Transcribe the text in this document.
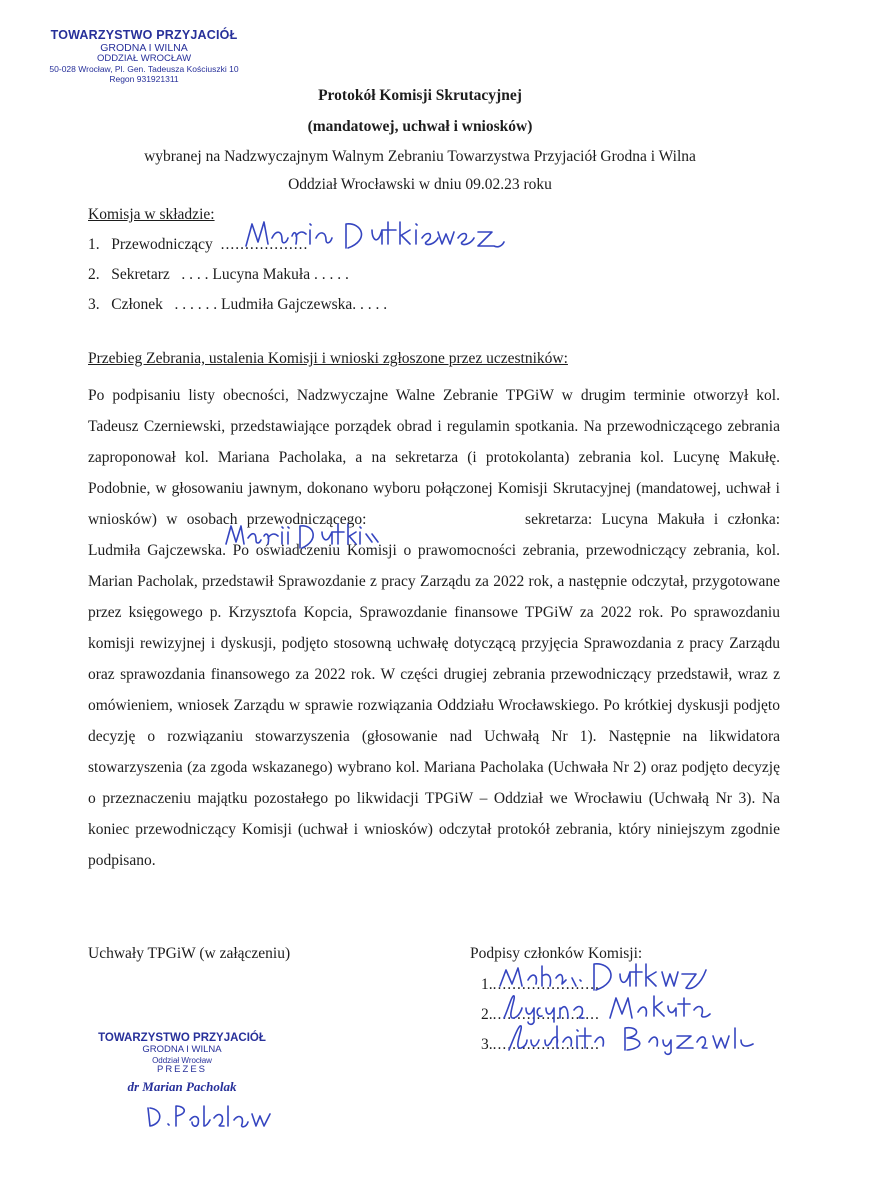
TOWARZYSTWO PRZYJACIÓŁ
GRODNA I WILNA
ODDZIAŁ WROCŁAW
50-028 Wrocław, Pl. Gen. Tadeusza Kościuszki 10
Regon 931921311
Protokół Komisji Skrutacyjnej
(mandatowej, uchwał i wniosków)
wybranej na Nadzwyczajnym Walnym Zebraniu Towarzystwa Przyjaciół Grodna i Wilna
Oddział Wrocławski w dniu 09.02.23 roku
Komisja w składzie:
1. Przewodniczący ..................
2. Sekretarz . . . . Lucyna Makuła . . . . .
3. Członek . . . . . . Ludmiła Gajczewska. . . . .
Przebieg Zebrania, ustalenia Komisji i wnioski zgłoszone przez uczestników:

Po podpisaniu listy obecności, Nadzwyczajne Walne Zebranie TPGiW w drugim terminie otworzył kol. Tadeusz Czerniewski, przedstawiające porządek obrad i regulamin spotkania. Na przewodniczącego zebrania zaproponował kol. Mariana Pacholaka, a na sekretarza (i protokolanta) zebrania kol. Lucynę Makułę. Podobnie, w głosowaniu jawnym, dokonano wyboru połączonej Komisji Skrutacyjnej (mandatowej, uchwał i wniosków) w osobach przewodniczącego:	sekretarza: Lucyna Makuła i członka: Ludmiła Gajczewska. Po oświadczeniu Komisji o prawomocności zebrania, przewodniczący zebrania, kol. Marian Pacholak, przedstawił Sprawozdanie z pracy Zarządu za 2022 rok, a następnie odczytał, przygotowane przez księgowego p. Krzysztofa Kopcia, Sprawozdanie finansowe TPGiW za 2022 rok. Po sprawozdaniu komisji rewizyjnej i dyskusji, podjęto stosowną uchwałę dotyczącą przyjęcia Sprawozdania z pracy Zarządu oraz sprawozdania finansowego za 2022 rok. W części drugiej zebrania przewodniczący przedstawił, wraz z omówieniem, wniosek Zarządu w sprawie rozwiązania Oddziału Wrocławskiego. Po krótkiej dyskusji podjęto decyzję o rozwiązaniu stowarzyszenia (głosowanie nad Uchwałą Nr 1). Następnie na likwidatora stowarzyszenia (za zgoda wskazanego) wybrano kol. Mariana Pacholaka (Uchwała Nr 2) oraz podjęto decyzję o przeznaczeniu majątku pozostałego po likwidacji TPGiW – Oddział we Wrocławiu (Uchwałą Nr 3). Na koniec przewodniczący Komisji (uchwał i wniosków) odczytał protokół zebrania, który niniejszym zgodnie podpisano.

Uchwały TPGiW (w załączeniu)	Podpisy członków Komisji:
1.......................
2.......................
3.......................
TOWARZYSTWO PRZYJACIÓŁ
GRODNA I WILNA
Oddział Wrocław
PREZES
dr Marian Pacholak
